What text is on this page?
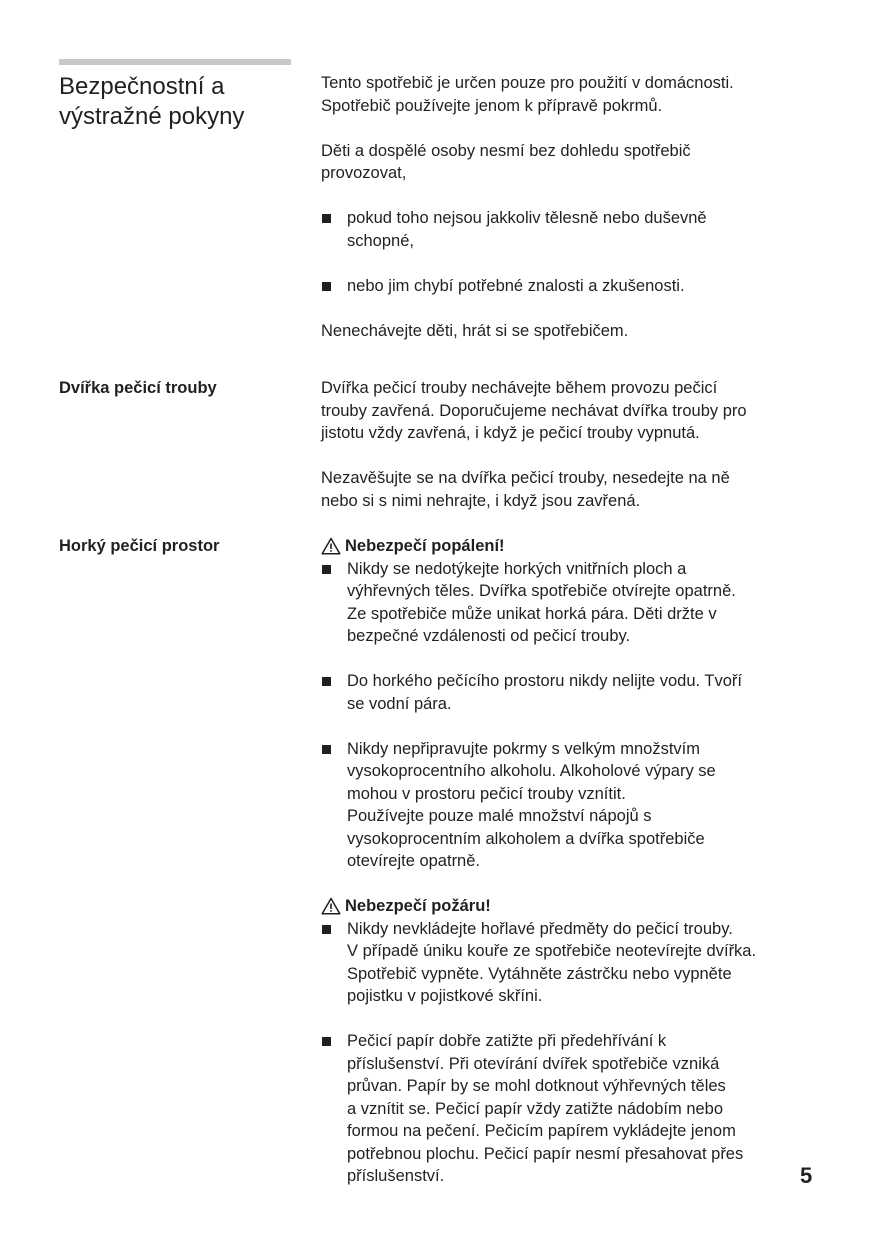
Bezpečnostní a
výstražné pokyny

Tento spotřebič je určen pouze pro použití v domácnosti.
Spotřebič používejte jenom k přípravě pokrmů.

Děti a dospělé osoby nesmí bez dohledu spotřebič
provozovat,

pokud toho nejsou jakkoliv tělesně nebo duševně
schopné,
nebo jim chybí potřebné znalosti a zkušenosti.

Nenechávejte děti, hrát si se spotřebičem.

Dvířka pečicí trouby	Dvířka pečicí trouby nechávejte během provozu pečicí
trouby zavřená. Doporučujeme nechávat dvířka trouby pro
jistotu vždy zavřená, i když je pečicí trouby vypnutá.

Nezavěšujte se na dvířka pečicí trouby, nesedejte na ně
nebo si s nimi nehrajte, i když jsou zavřená.

Horký pečicí prostor	Nebezpečí popálení!
Nikdy se nedotýkejte horkých vnitřních ploch a
výhřevných těles. Dvířka spotřebiče otvírejte opatrně.
Ze spotřebiče může unikat horká pára. Děti držte v
bezpečné vzdálenosti od pečicí trouby.
Do horkého pečícího prostoru nikdy nelijte vodu. Tvoří
se vodní pára.
Nikdy nepřipravujte pokrmy s velkým množstvím
vysokoprocentního alkoholu. Alkoholové výpary se
mohou v prostoru pečicí trouby vznítit.
Používejte pouze malé množství nápojů s
vysokoprocentním alkoholem a dvířka spotřebiče
otevírejte opatrně.
Nebezpečí požáru!
Nikdy nevkládejte hořlavé předměty do pečicí trouby.
V případě úniku kouře ze spotřebiče neotevírejte dvířka.
Spotřebič vypněte. Vytáhněte zástrčku nebo vypněte
pojistku v pojistkové skříni.
Pečicí papír dobře zatižte při předehřívání k
příslušenství. Při otevírání dvířek spotřebiče vzniká
průvan. Papír by se mohl dotknout výhřevných těles
a vznítit se. Pečicí papír vždy zatižte nádobím nebo
formou na pečení. Pečicím papírem vykládejte jenom
potřebnou plochu. Pečicí papír nesmí přesahovat přes
příslušenství.	5
